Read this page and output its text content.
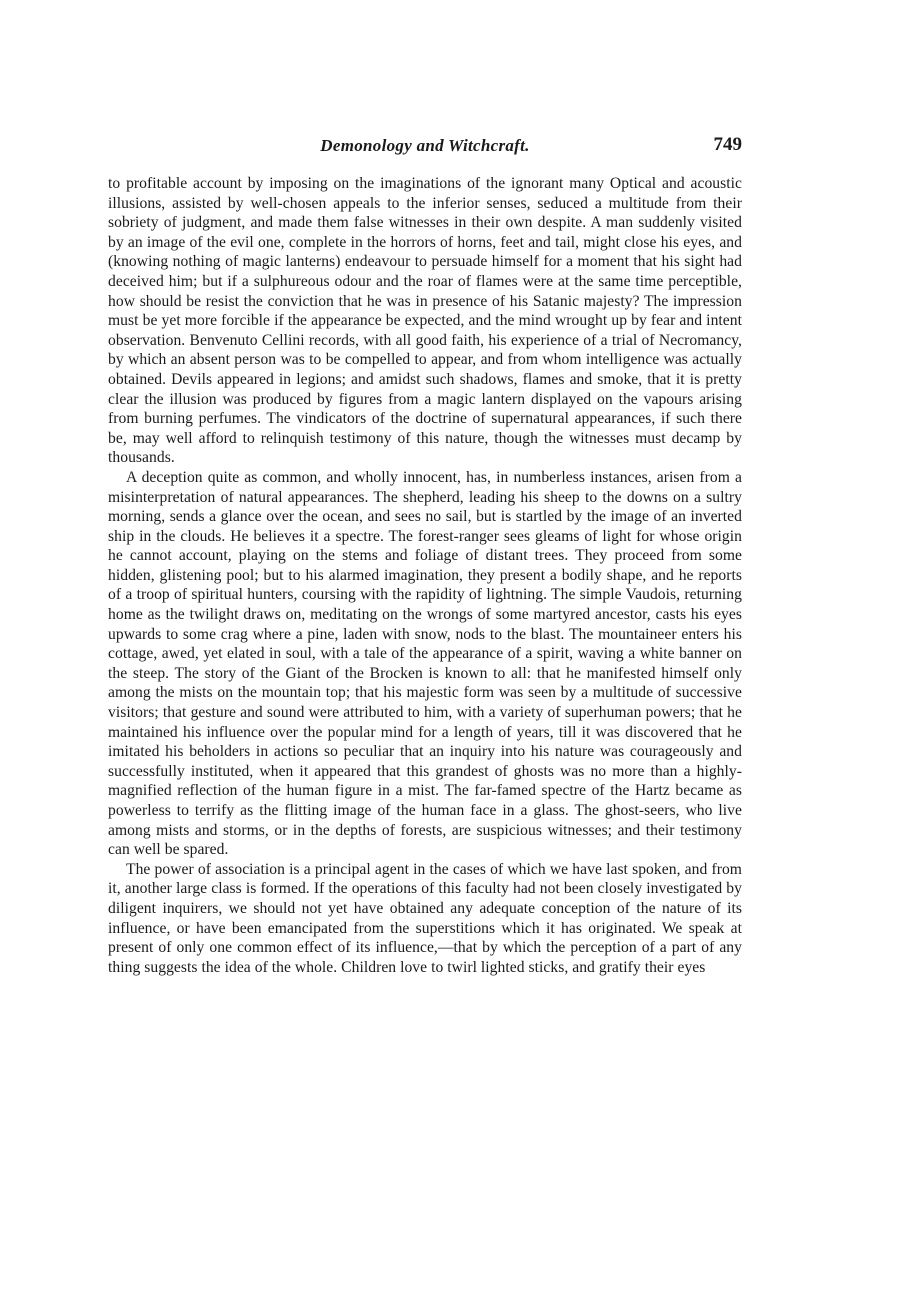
Demonology and Witchcraft.	749

to profitable account by imposing on the imaginations of the ignorant many Optical and acoustic illusions, assisted by well-chosen appeals to the inferior senses, seduced a multitude from their sobriety of judgment, and made them false witnesses in their own despite. A man suddenly visited by an image of the evil one, complete in the horrors of horns, feet and tail, might close his eyes, and (knowing nothing of magic lanterns) endeavour to persuade himself for a moment that his sight had deceived him; but if a sulphureous odour and the roar of flames were at the same time perceptible, how should be resist the conviction that he was in presence of his Satanic majesty? The impression must be yet more forcible if the appearance be expected, and the mind wrought up by fear and intent observation. Benvenuto Cellini records, with all good faith, his experience of a trial of Necromancy, by which an absent person was to be compelled to appear, and from whom intelligence was actually obtained. Devils appeared in legions; and amidst such shadows, flames and smoke, that it is pretty clear the illusion was produced by figures from a magic lantern displayed on the vapours arising from burning perfumes. The vindicators of the doctrine of supernatural appearances, if such there be, may well afford to relinquish testimony of this nature, though the witnesses must decamp by thousands.

A deception quite as common, and wholly innocent, has, in numberless instances, arisen from a misinterpretation of natural appearances. The shepherd, leading his sheep to the downs on a sultry morning, sends a glance over the ocean, and sees no sail, but is startled by the image of an inverted ship in the clouds. He believes it a spectre. The forest-ranger sees gleams of light for whose origin he cannot account, playing on the stems and foliage of distant trees. They proceed from some hidden, glistening pool; but to his alarmed imagination, they present a bodily shape, and he reports of a troop of spiritual hunters, coursing with the rapidity of lightning. The simple Vaudois, returning home as the twilight draws on, meditating on the wrongs of some martyred ancestor, casts his eyes upwards to some crag where a pine, laden with snow, nods to the blast. The mountaineer enters his cottage, awed, yet elated in soul, with a tale of the appearance of a spirit, waving a white banner on the steep. The story of the Giant of the Brocken is known to all: that he manifested himself only among the mists on the mountain top; that his majestic form was seen by a multitude of successive visitors; that gesture and sound were attributed to him, with a variety of superhuman powers; that he maintained his influence over the popular mind for a length of years, till it was discovered that he imitated his beholders in actions so peculiar that an inquiry into his nature was courageously and successfully instituted, when it appeared that this grandest of ghosts was no more than a highly-magnified reflection of the human figure in a mist. The far-famed spectre of the Hartz became as powerless to terrify as the flitting image of the human face in a glass. The ghost-seers, who live among mists and storms, or in the depths of forests, are suspicious witnesses; and their testimony can well be spared.

The power of association is a principal agent in the cases of which we have last spoken, and from it, another large class is formed. If the operations of this faculty had not been closely investigated by diligent inquirers, we should not yet have obtained any adequate conception of the nature of its influence, or have been emancipated from the superstitions which it has originated. We speak at present of only one common effect of its influence,—that by which the perception of a part of any thing suggests the idea of the whole. Children love to twirl lighted sticks, and gratify their eyes
